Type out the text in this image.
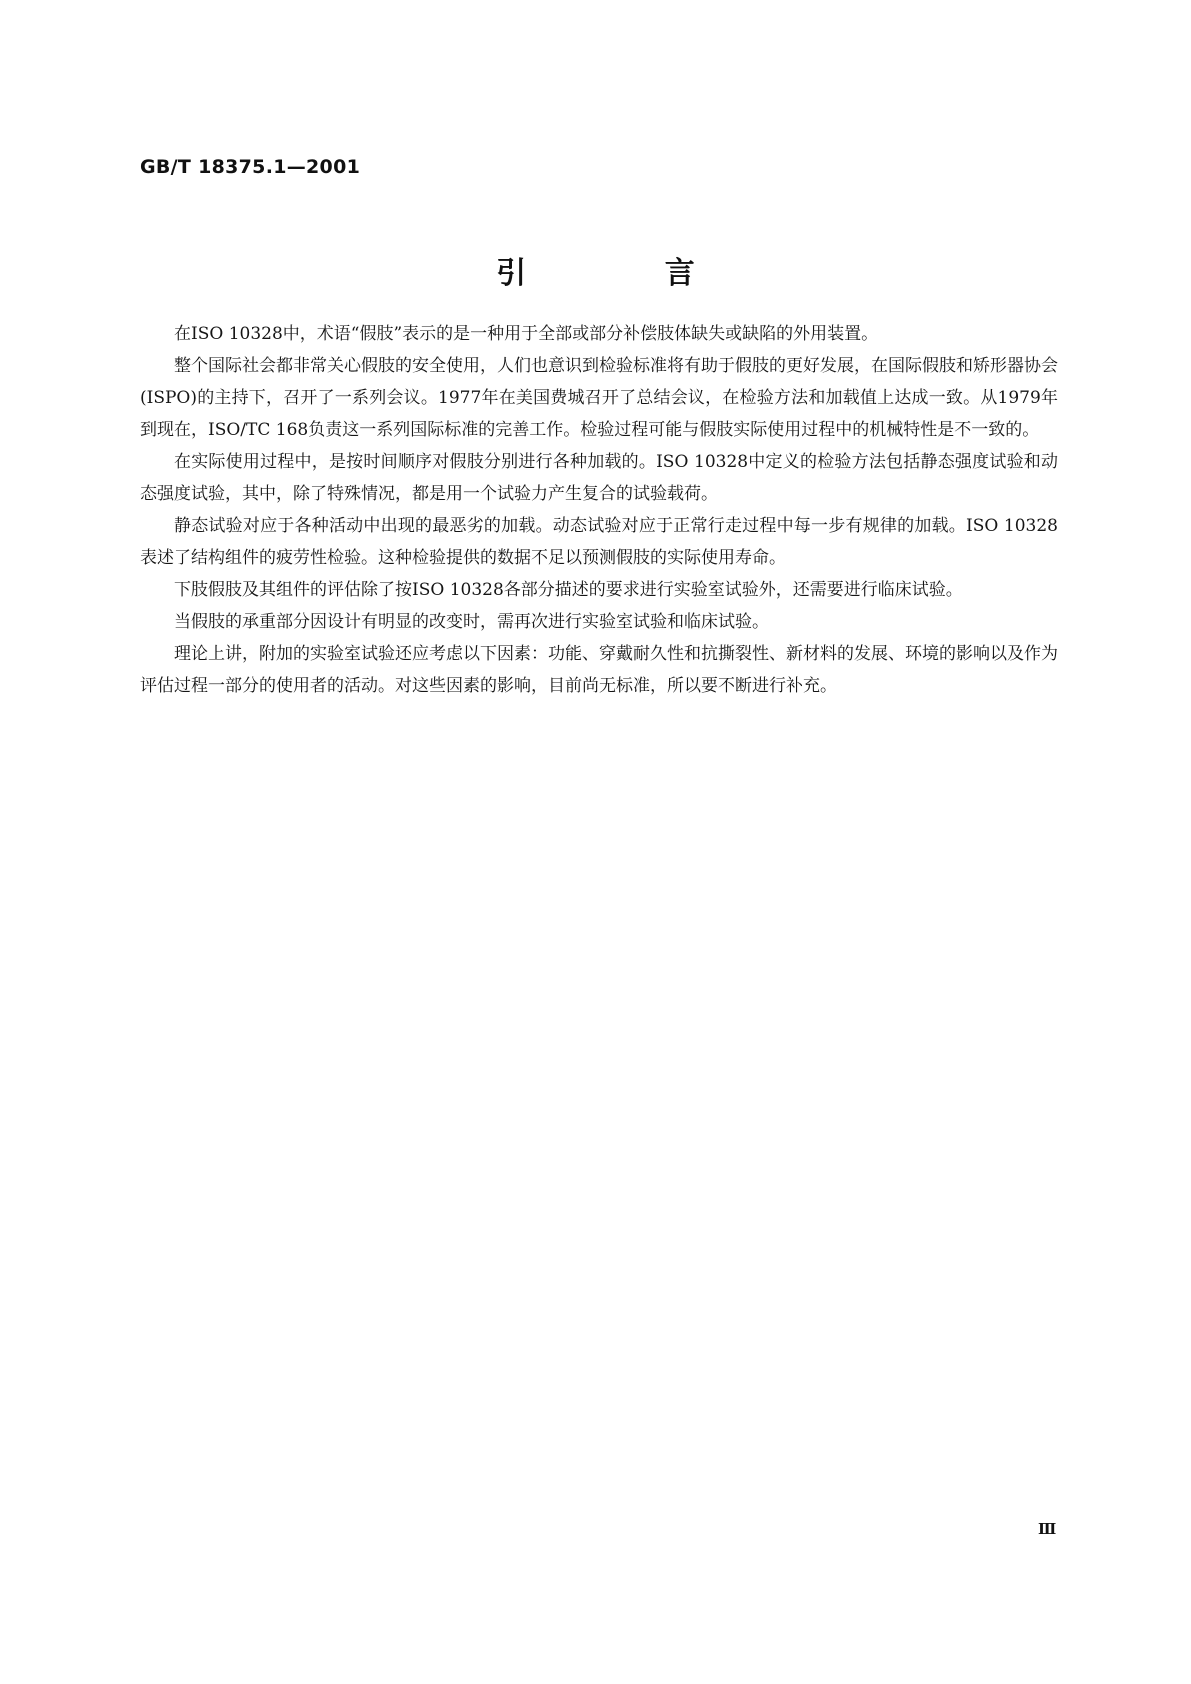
GB/T 18375.1—2001
引 言

在ISO 10328中，术语“假肢”表示的是一种用于全部或部分补偿肢体缺失或缺陷的外用装置。

整个国际社会都非常关心假肢的安全使用，人们也意识到检验标准将有助于假肢的更好发展，在国际假肢和矫形器协会(ISPO)的主持下，召开了一系列会议。1977年在美国费城召开了总结会议，在检验方法和加载值上达成一致。从1979年到现在，ISO/TC 168负责这一系列国际标准的完善工作。检验过程可能与假肢实际使用过程中的机械特性是不一致的。

在实际使用过程中，是按时间顺序对假肢分别进行各种加载的。ISO 10328中定义的检验方法包括静态强度试验和动态强度试验，其中，除了特殊情况，都是用一个试验力产生复合的试验载荷。

静态试验对应于各种活动中出现的最恶劣的加载。动态试验对应于正常行走过程中每一步有规律的加载。ISO 10328表述了结构组件的疲劳性检验。这种检验提供的数据不足以预测假肢的实际使用寿命。

下肢假肢及其组件的评估除了按ISO 10328各部分描述的要求进行实验室试验外，还需要进行临床试验。

当假肢的承重部分因设计有明显的改变时，需再次进行实验室试验和临床试验。

理论上讲，附加的实验室试验还应考虑以下因素：功能、穿戴耐久性和抗撕裂性、新材料的发展、环境的影响以及作为评估过程一部分的使用者的活动。对这些因素的影响，目前尚无标准，所以要不断进行补充。

Ⅲ
